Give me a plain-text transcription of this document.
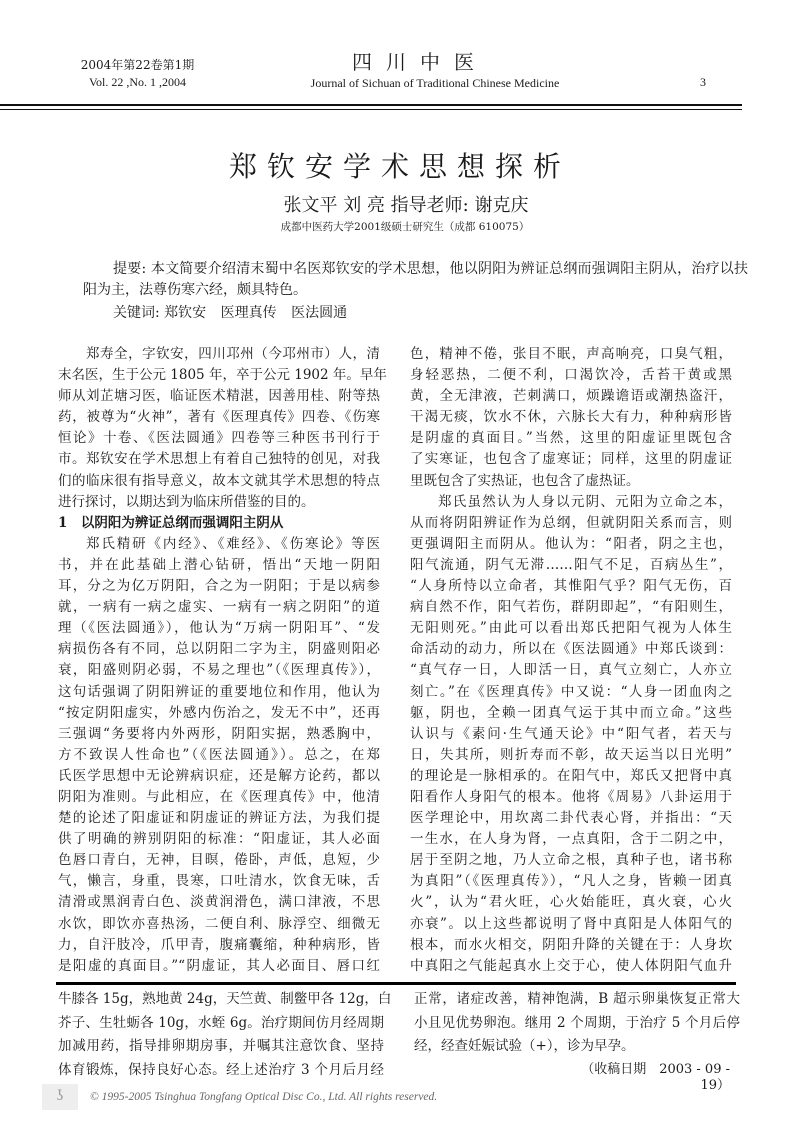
2004年第22卷第1期
Vol. 22 ,No. 1 ,2004
四川中医
Journal of Sichuan of Traditional Chinese Medicine	3
郑钦安学术思想探析
张文平 刘 亮 指导老师: 谢克庆
成都中医药大学2001级硕士研究生（成都 610075）
提要: 本文简要介绍清末蜀中名医郑钦安的学术思想，他以阴阳为辨证总纲而强调阳主阴从，治疗以扶阳为主，法尊伤寒六经，颇具特色。
关键词: 郑钦安 医理真传 医法圆通
郑寿全，字钦安，四川邛州（今邛州市）人，清
末名医，生于公元 1805 年，卒于公元 1902 年。早年
师从刘芷塘习医，临证医术精湛，因善用桂、附等热
药，被尊为“火神”，著有《医理真传》四卷、《伤寒
恒论》十卷、《医法圆通》四卷等三种医书刊行于
市。郑钦安在学术思想上有着自己独特的创见，对我
们的临床很有指导意义，故本文就其学术思想的特点
进行探讨，以期达到为临床所借鉴的目的。
1　以阴阳为辨证总纲而强调阳主阴从
郑氏精研《内经》、《难经》、《伤寒论》等医
书，并在此基础上潜心钻研，悟出“天地一阴阳
耳，分之为亿万阴阳，合之为一阴阳；于是以病参
就，一病有一病之虚实、一病有一病之阴阳”的道
理（《医法圆通》），他认为“万病一阴阳耳”、“发
病损伤各有不同，总以阴阳二字为主，阴盛则阳必
衰，阳盛则阴必弱，不易之理也”（《医理真传》），
这句话强调了阴阳辨证的重要地位和作用，他认为
“按定阴阳虚实，外感内伤治之，发无不中”，还再
三强调“务要将内外两形，阴阳实据，熟悉胸中，
方不致误人性命也”（《医法圆通》）。总之，在郑
氏医学思想中无论辨病识症，还是解方论药，都以
阴阳为准则。与此相应，在《医理真传》中，他清
楚的论述了阳虚证和阴虚证的辨证方法，为我们提
供了明确的辨别阴阳的标准：“阳虚证，其人必面
色唇口青白，无神，目暝，倦卧，声低，息短，少
气，懒言，身重，畏寒，口吐清水，饮食无味，舌
清滑或黑润青白色、淡黄润滑色，满口津液，不思
水饮，即饮亦喜热汤，二便自利、脉浮空、细微无
力，自汗肢冷，爪甲青，腹痛囊缩，种种病形，皆
是阳虚的真面目。”“阴虚证，其人必面目、唇口红
色，精神不倦，张目不眠，声高响亮，口臭气粗，
身轻恶热，二便不利，口渴饮冷，舌苔干黄或黑
黄，全无津液，芒刺满口，烦躁谵语或潮热盗汗，
干渴无痰，饮水不休，六脉长大有力，种种病形皆
是阴虚的真面目。”当然，这里的阳虚证里既包含
了实寒证，也包含了虚寒证；同样，这里的阴虚证
里既包含了实热证，也包含了虚热证。
郑氏虽然认为人身以元阴、元阳为立命之本，
从而将阴阳辨证作为总纲，但就阴阳关系而言，则
更强调阳主而阴从。他认为：“阳者，阴之主也，
阳气流通，阴气无滞……阳气不足，百病丛生”，
“人身所恃以立命者，其惟阳气乎？阳气无伤，百
病自然不作，阳气若伤，群阴即起”，“有阳则生，
无阳则死。”由此可以看出郑氏把阳气视为人体生
命活动的动力，所以在《医法圆通》中郑氏谈到：
“真气存一日，人即活一日，真气立刻亡，人亦立
刻亡。”在《医理真传》中又说：“人身一团血肉之
躯，阴也，全赖一团真气运于其中而立命。”这些
认识与《素问·生气通天论》中“阳气者，若天与
日，失其所，则折寿而不彰，故天运当以日光明”
的理论是一脉相承的。在阳气中，郑氏又把肾中真
阳看作人身阳气的根本。他将《周易》八卦运用于
医学理论中，用坎离二卦代表心肾，并指出：“天
一生水，在人身为肾，一点真阳，含于二阴之中，
居于至阴之地，乃人立命之根，真种子也，诸书称
为真阳”（《医理真传》），“凡人之身，皆赖一团真
火”，认为“君火旺，心火始能旺，真火衰，心火
亦衰”。以上这些都说明了肾中真阳是人体阳气的
根本，而水火相交，阴阳升降的关键在于：人身坎
中真阳之气能起真水上交于心，使人体阴阳气血升
牛膝各 15g，熟地黄 24g，天竺黄、制鳖甲各 12g，白
芥子、生牡蛎各 10g，水蛭 6g。治疗期间仿月经周期
加减用药，指导排卵期房事，并嘱其注意饮食、坚持
体育锻炼，保持良好心态。经上述治疗 3 个月后月经
正常，诸症改善，精神饱满，B 超示卵巢恢复正常大
小且见优势卵泡。继用 2 个周期，于治疗 5 个月后停
经，经查妊娠试验（+），诊为早孕。
（收稿日期　2003 - 09 - 19）
ʖ	© 1995-2005 Tsinghua Tongfang Optical Disc Co., Ltd. All rights reserved.
